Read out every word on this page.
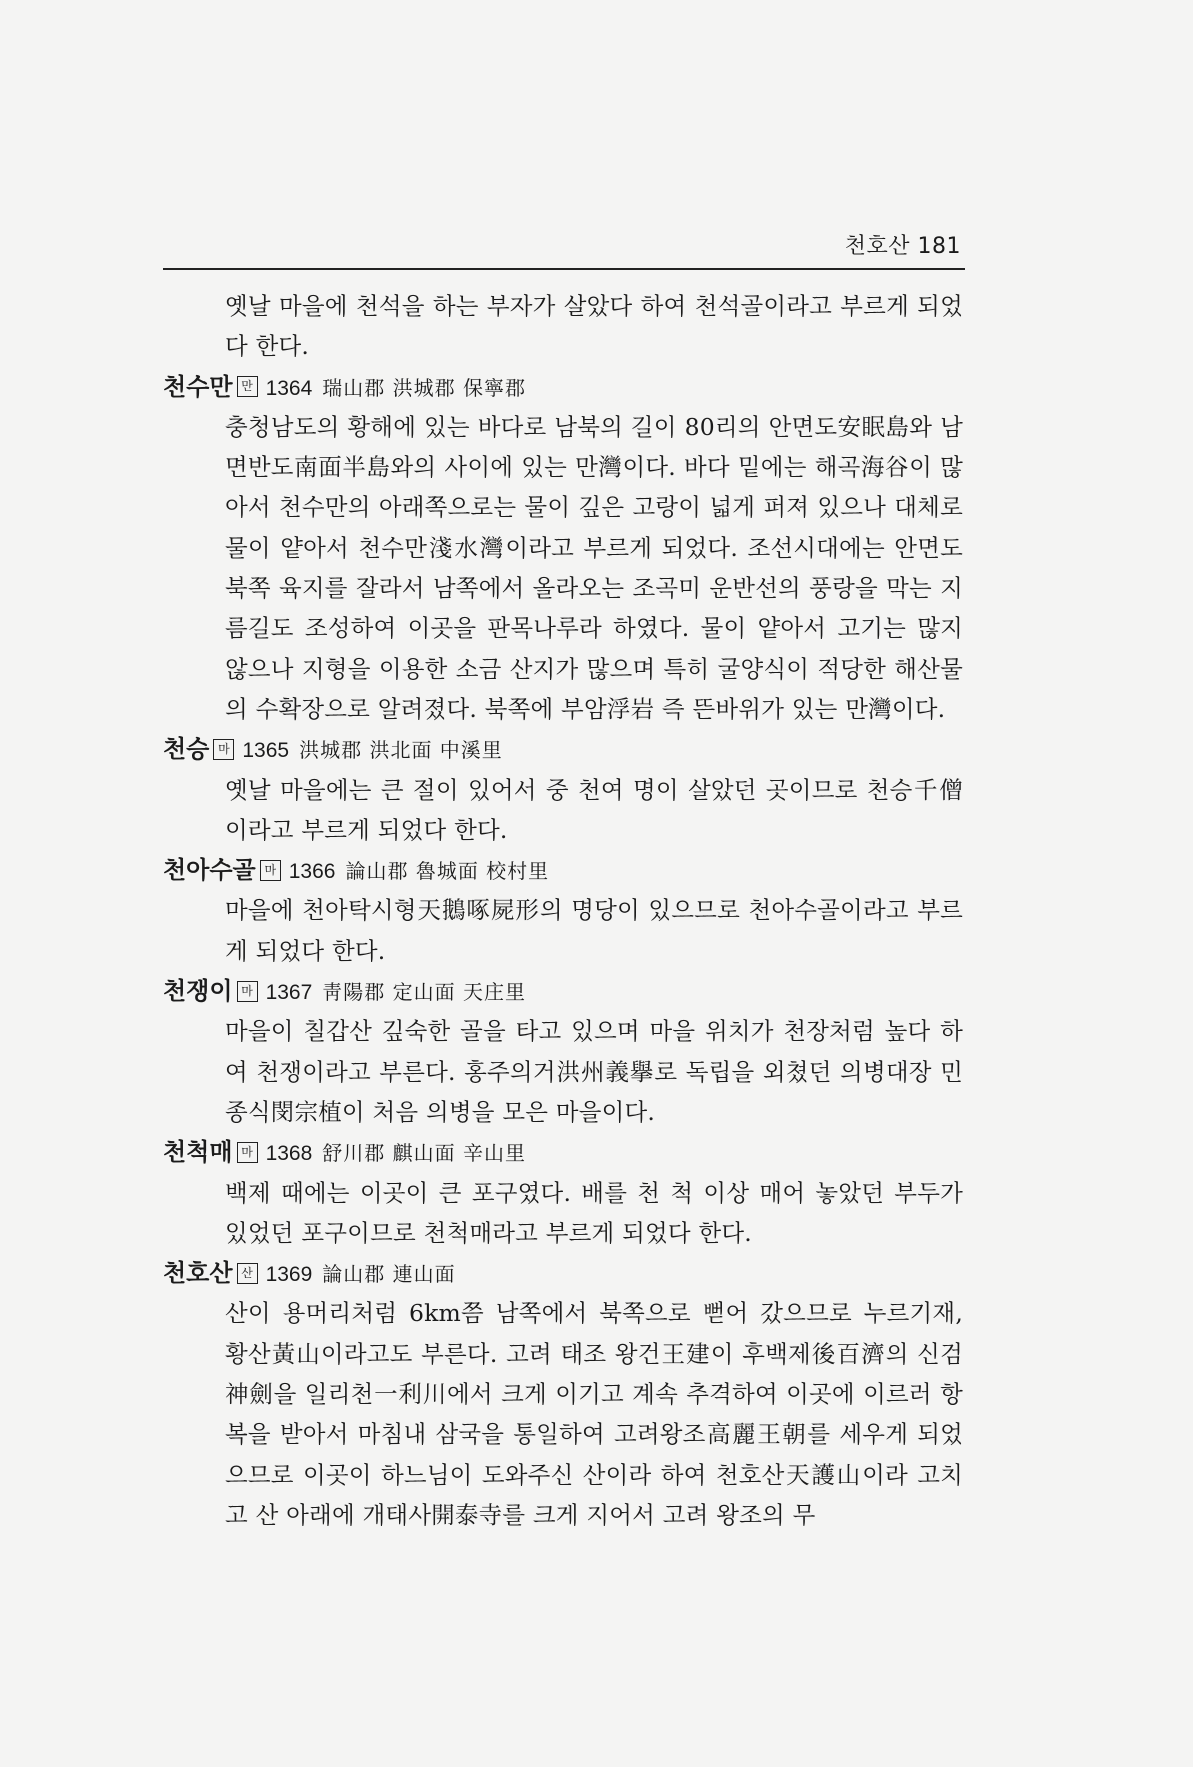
천호산 181

옛날 마을에 천석을 하는 부자가 살았다 하여 천석골이라고 부르게 되었다 한다.

천수만 만 1364 瑞山郡 洪城郡 保寧郡

충청남도의 황해에 있는 바다로 남북의 길이 80리의 안면도安眠島와 남면반도南面半島와의 사이에 있는 만灣이다. 바다 밑에는 해곡海谷이 많아서 천수만의 아래쪽으로는 물이 깊은 고랑이 넓게 퍼져 있으나 대체로 물이 얕아서 천수만淺水灣이라고 부르게 되었다. 조선시대에는 안면도 북쪽 육지를 잘라서 남쪽에서 올라오는 조곡미 운반선의 풍랑을 막는 지름길도 조성하여 이곳을 판목나루라 하였다. 물이 얕아서 고기는 많지 않으나 지형을 이용한 소금 산지가 많으며 특히 굴양식이 적당한 해산물의 수확장으로 알려졌다. 북쪽에 부암浮岩 즉 뜬바위가 있는 만灣이다.

천승 마 1365 洪城郡 洪北面 中溪里

옛날 마을에는 큰 절이 있어서 중 천여 명이 살았던 곳이므로 천승千僧이라고 부르게 되었다 한다.

천아수골 마 1366 論山郡 魯城面 校村里

마을에 천아탁시형天鵝啄屍形의 명당이 있으므로 천아수골이라고 부르게 되었다 한다.

천쟁이 마 1367 靑陽郡 定山面 天庄里

마을이 칠갑산 깊숙한 골을 타고 있으며 마을 위치가 천장처럼 높다 하여 천쟁이라고 부른다. 홍주의거洪州義擧로 독립을 외쳤던 의병대장 민종식閔宗植이 처음 의병을 모은 마을이다.

천척매 마 1368 舒川郡 麒山面 辛山里

백제 때에는 이곳이 큰 포구였다. 배를 천 척 이상 매어 놓았던 부두가 있었던 포구이므로 천척매라고 부르게 되었다 한다.

천호산 산 1369 論山郡 連山面

산이 용머리처럼 6km쯤 남쪽에서 북쪽으로 뻗어 갔으므로 누르기재, 황산黃山이라고도 부른다. 고려 태조 왕건王建이 후백제後百濟의 신검神劍을 일리천一利川에서 크게 이기고 계속 추격하여 이곳에 이르러 항복을 받아서 마침내 삼국을 통일하여 고려왕조高麗王朝를 세우게 되었으므로 이곳이 하느님이 도와주신 산이라 하여 천호산天護山이라 고치고 산 아래에 개태사開泰寺를 크게 지어서 고려 왕조의 무
